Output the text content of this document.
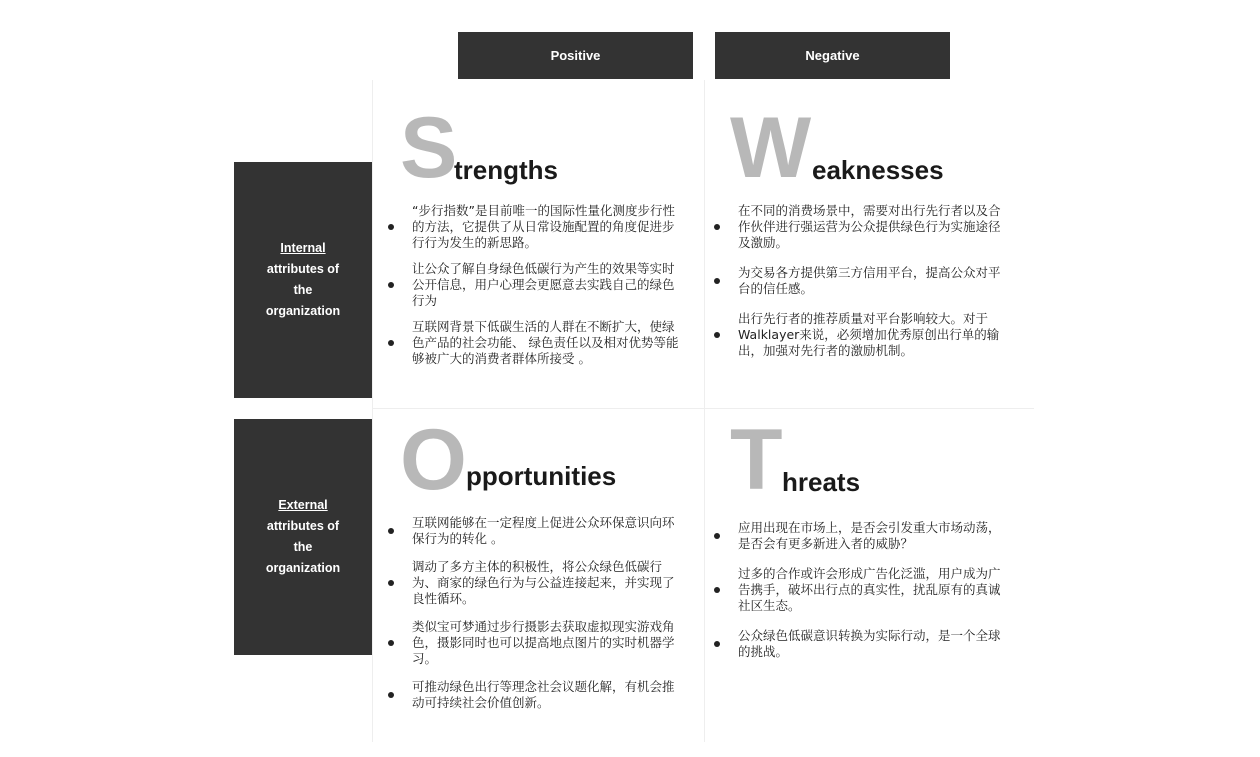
Positive	Negative
Internal
attributes of
the
organization
External
attributes of
the
organization
S
trengths
“步行指数”是目前唯一的国际性量化测度步行性的方法，它提供了从日常设施配置的角度促进步行行为发生的新思路。
让公众了解自身绿色低碳行为产生的效果等实时公开信息，用户心理会更愿意去实践自己的绿色行为
互联网背景下低碳生活的人群在不断扩大，使绿色产品的社会功能、 绿色责任以及相对优势等能够被广大的消费者群体所接受 。
W eaknesses
在不同的消费场景中，需要对出行先行者以及合作伙伴进行强运营为公众提供绿色行为实施途径及激励。
为交易各方提供第三方信用平台，提高公众对平台的信任感。
出行先行者的推荐质量对平台影响较大。对于Walklayer来说，必须增加优秀原创出行单的输出，加强对先行者的激励机制。
O pportunities
互联网能够在一定程度上促进公众环保意识向环保行为的转化 。
调动了多方主体的积极性，将公众绿色低碳行为、商家的绿色行为与公益连接起来，并实现了良性循环。
类似宝可梦通过步行摄影去获取虚拟现实游戏角色，摄影同时也可以提高地点图片的实时机器学习。
可推动绿色出行等理念社会议题化解，有机会推动可持续社会价值创新。
T hreats
应用出现在市场上，是否会引发重大市场动荡，是否会有更多新进入者的威胁？
过多的合作或许会形成广告化泛滥，用户成为广告携手，破坏出行点的真实性，扰乱原有的真诚社区生态。
公众绿色低碳意识转换为实际行动，是一个全球的挑战。
